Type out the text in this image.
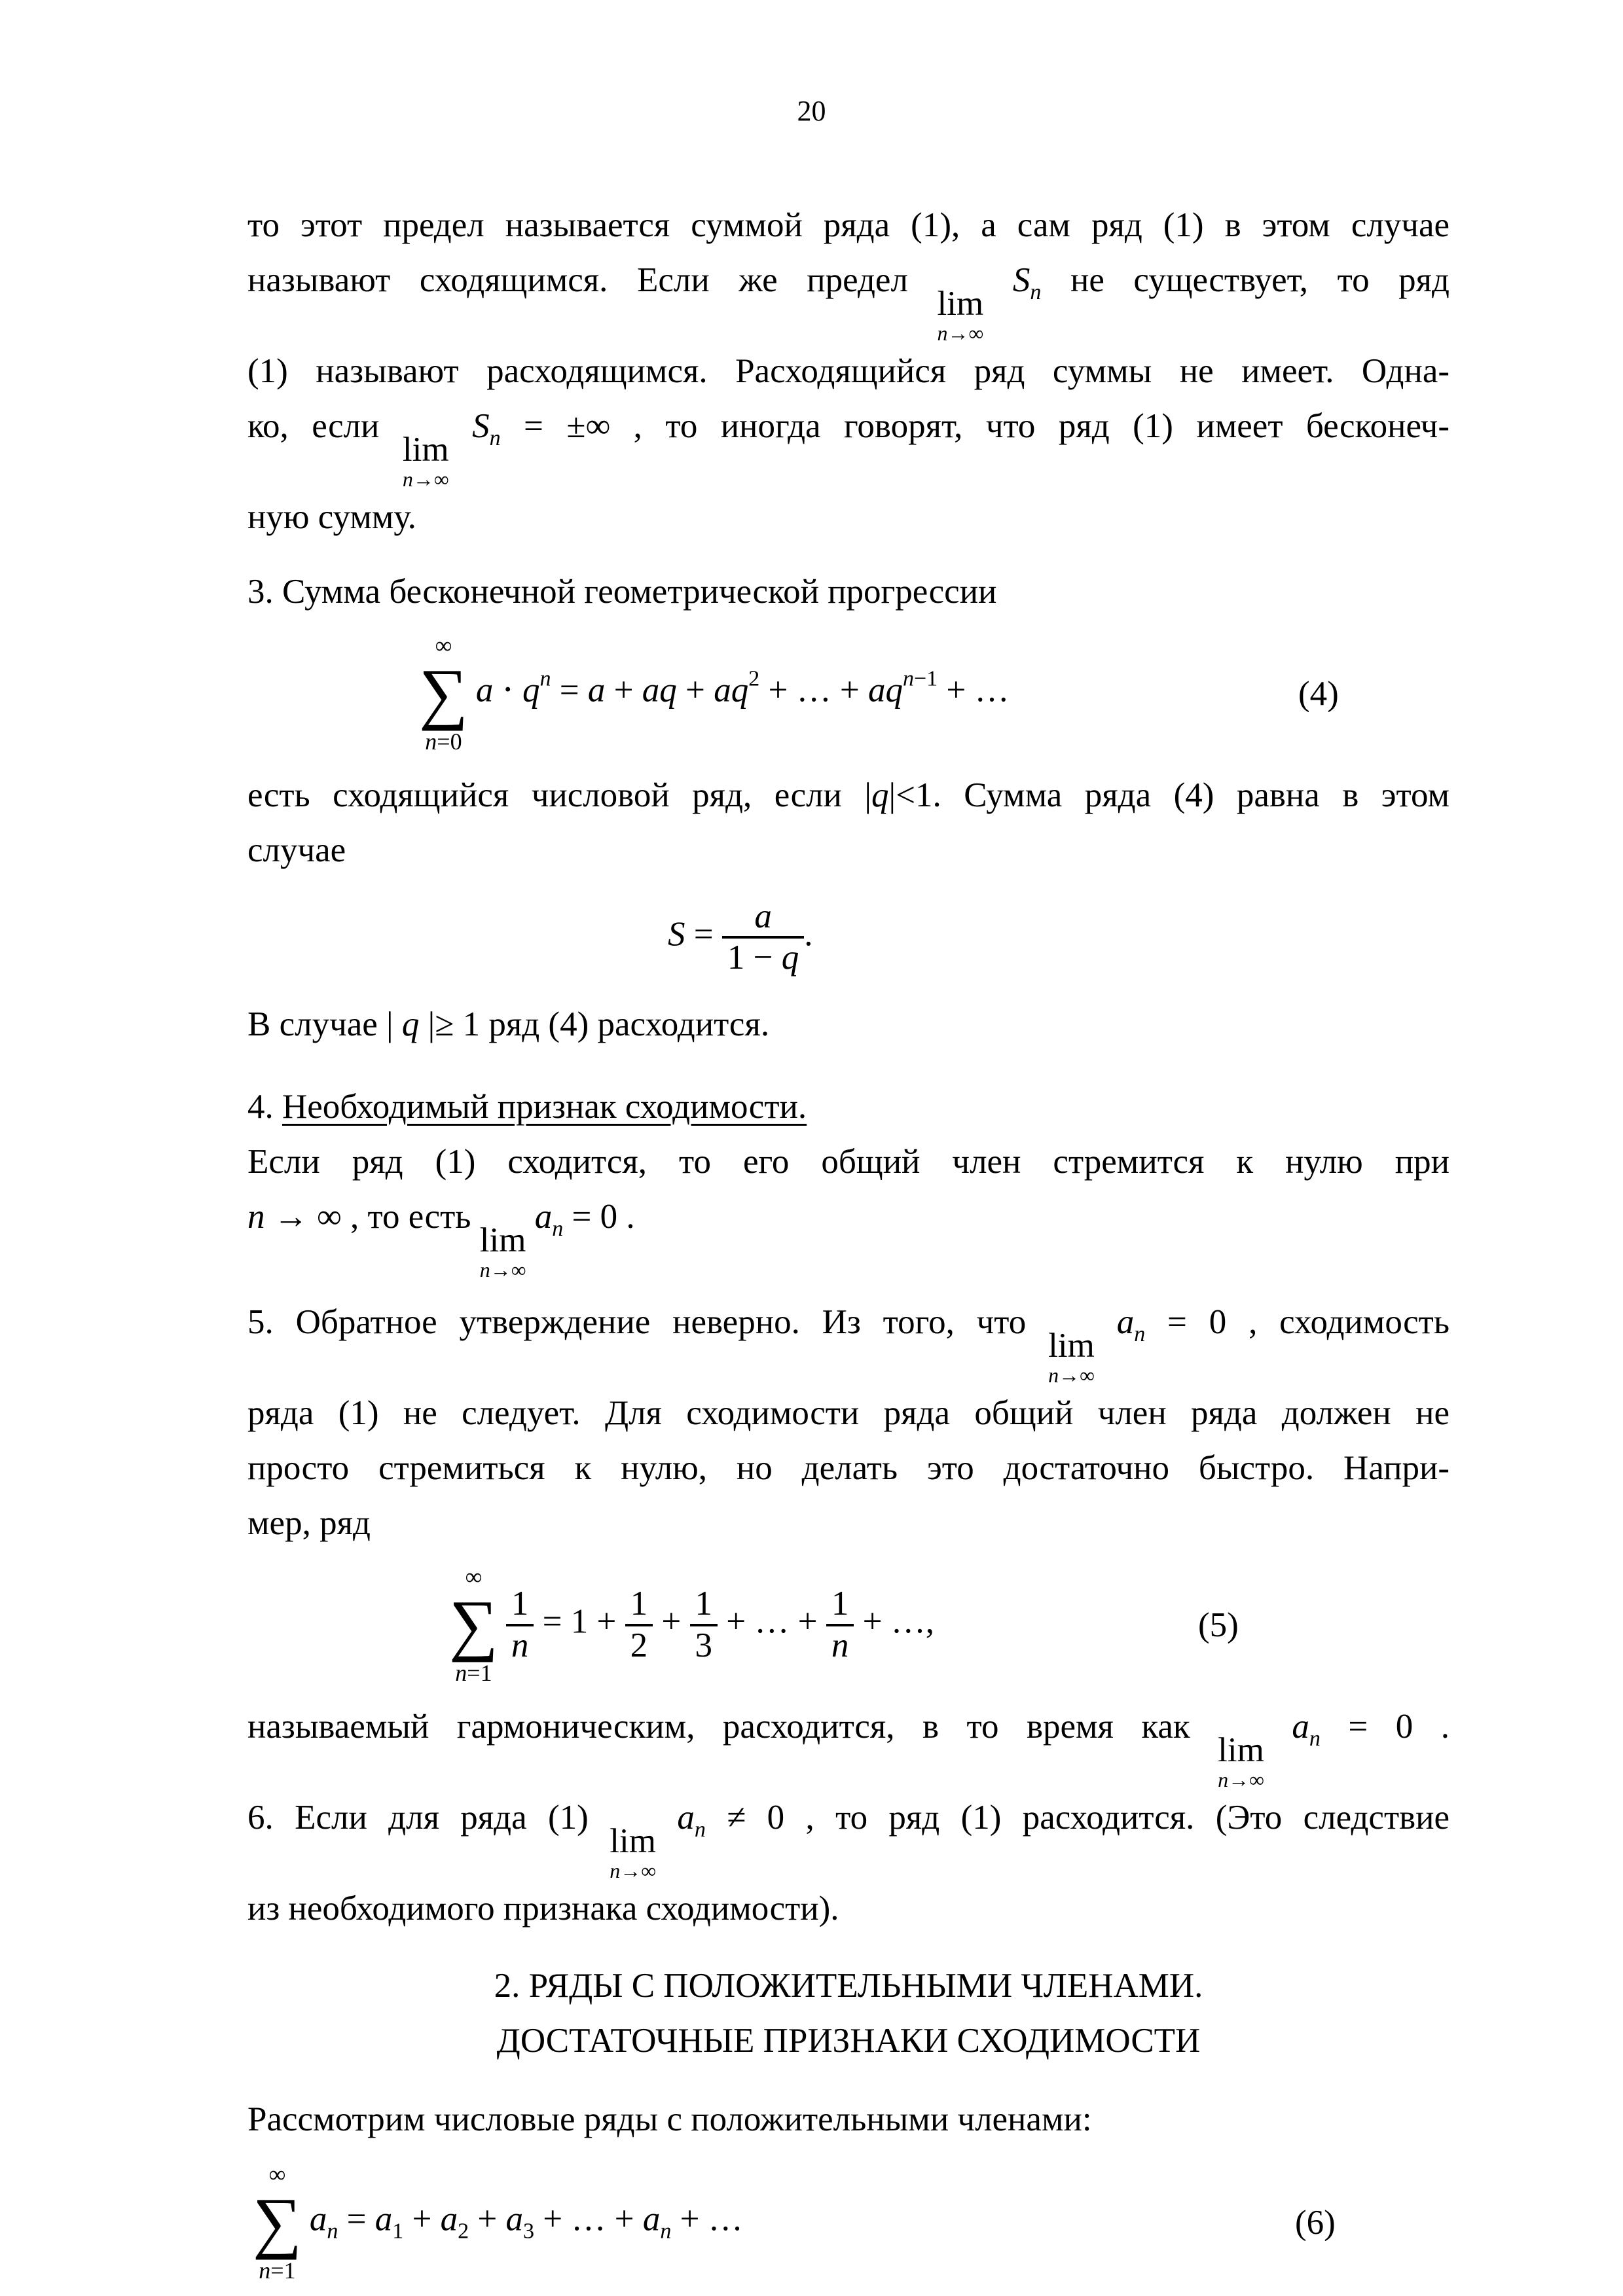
20
то этот предел называется суммой ряда (1), а сам ряд (1) в этом случае
называют сходящимся. Если же предел
lim
n→∞
$S_n$ не существует, то ряд
(1) называют расходящимся. Расходящийся ряд суммы не имеет. Одна-
ко, если
lim
n→∞
$S_n$ = ±∞ , то иногда говорят, что ряд (1) имеет бесконеч-
ную сумму.
3. Сумма бесконечной геометрической прогрессии
∞
∑
n=0
$a \cdot q^n = a$ + aq + $aq^2$ + … + $aq^{n-1}$ + …	(4)
есть сходящийся числовой ряд, если |q|<1. Сумма ряда (4) равна в этом
случае
$S = \frac{a}{1 - q}$ .
В случае | q |≥ 1 ряд (4) расходится.
4. Необходимый признак сходимости.
Если ряд (1) сходится, то его общий член стремится к нулю при
n → ∞ , то есть
lim
n→∞
$a_n = 0$ .
5. Обратное утверждение неверно. Из того, что
lim
n→∞
$a_n = 0$ , сходимость
ряда (1) не следует. Для сходимости ряда общий член ряда должен не
просто стремиться к нулю, но делать это достаточно быстро. Напри-
мер, ряд
∞
∑
n=1
$\frac{1}{n} = 1 + \frac{1}{2} + \frac{1}{3}$ + … + $\frac{1}{n}$ + …,	(5)
называемый гармоническим, расходится, в то время как
lim
n→∞
$a_n = 0$ .
6. Если для ряда (1)
lim
n→∞
$a_n \ne 0$ , то ряд (1) расходится. (Это следствие
из необходимого признака сходимости).
2. РЯДЫ С ПОЛОЖИТЕЛЬНЫМИ ЧЛЕНАМИ.
ДОСТАТОЧНЫЕ ПРИЗНАКИ СХОДИМОСТИ
Рассмотрим числовые ряды с положительными членами:
∞
∑
n=1
$a_n = a_1 + a_2 + a_3$ + … + $a_n$ + …	(6)
